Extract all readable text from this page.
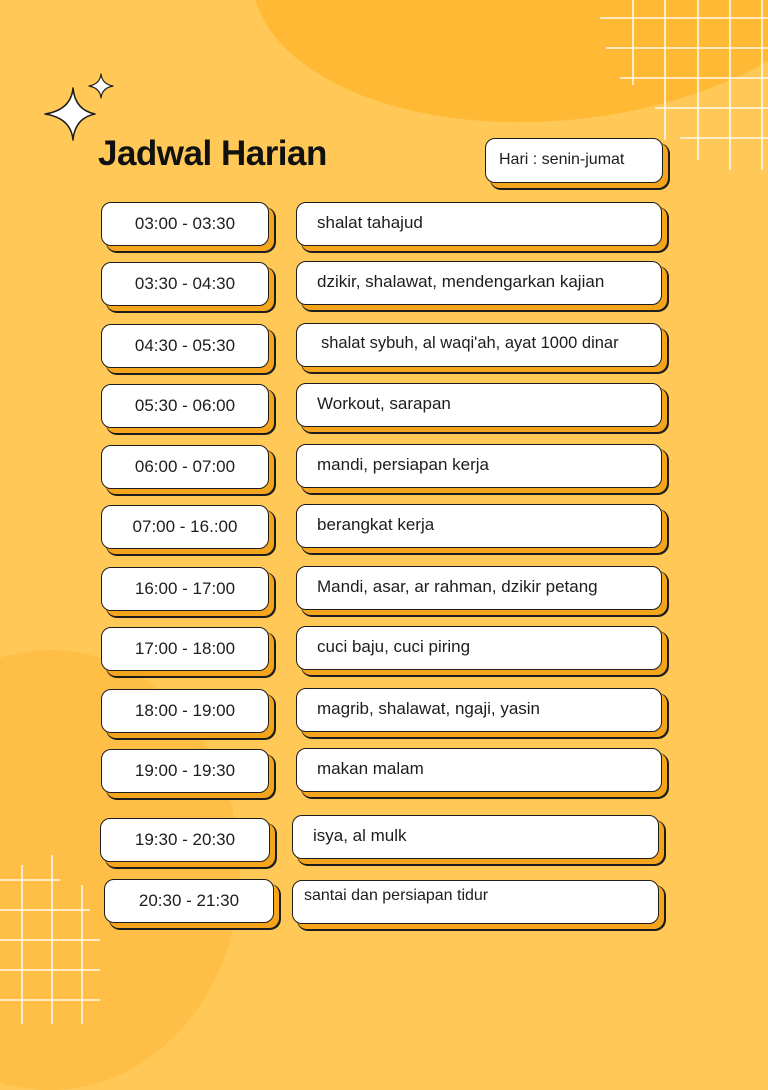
Jadwal Harian	Hari : senin-jumat
03:00 - 03:30	shalat tahajud
03:30 - 04:30	dzikir, shalawat, mendengarkan kajian
04:30 - 05:30	shalat sybuh, al waqi'ah, ayat 1000 dinar
05:30 - 06:00	Workout, sarapan
06:00 - 07:00	mandi, persiapan kerja
07:00 - 16.:00	berangkat kerja
16:00 - 17:00	Mandi, asar, ar rahman, dzikir petang
17:00 - 18:00	cuci baju, cuci piring
18:00 - 19:00	magrib, shalawat, ngaji, yasin
19:00 - 19:30	makan malam
19:30 - 20:30	isya, al mulk
20:30 - 21:30	santai dan persiapan tidur
